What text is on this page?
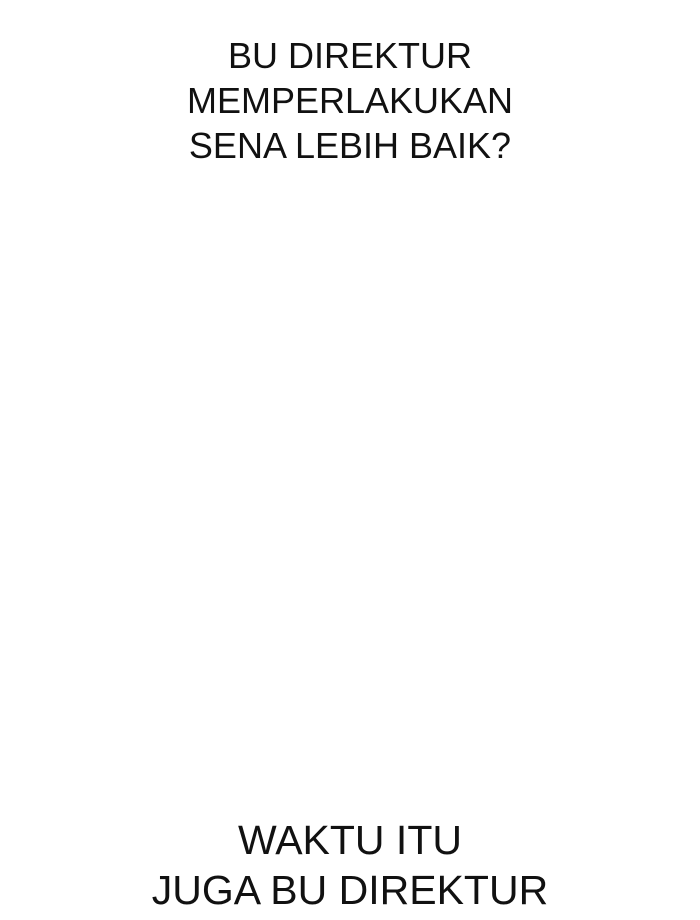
BU DIREKTUR
MEMPERLAKUKAN
SENA LEBIH BAIK?
WAKTU ITU
JUGA BU DIREKTUR
